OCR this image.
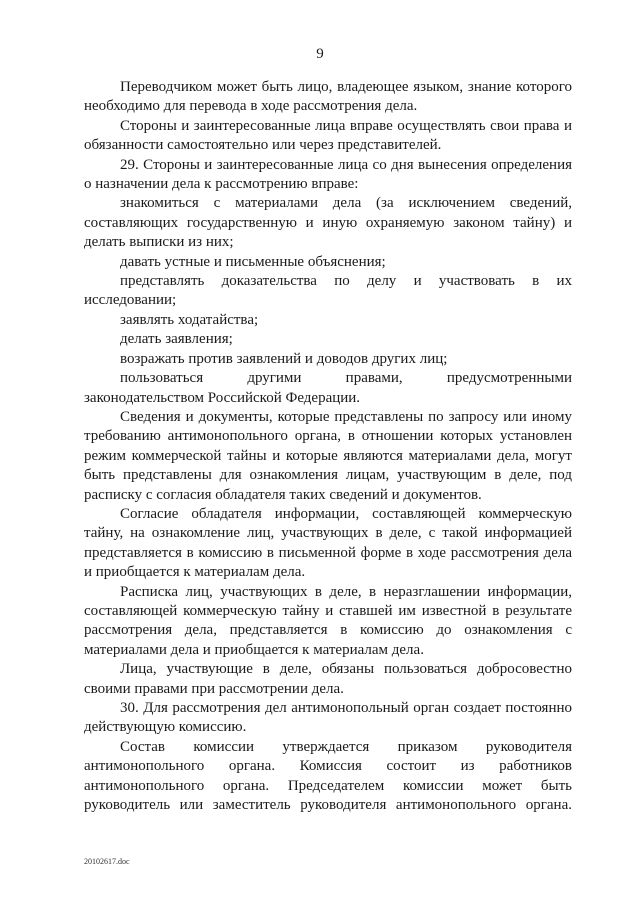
9

Переводчиком может быть лицо, владеющее языком, знание которого необходимо для перевода в ходе рассмотрения дела.

Стороны и заинтересованные лица вправе осуществлять свои права и обязанности самостоятельно или через представителей.

29. Стороны и заинтересованные лица со дня вынесения определения о назначении дела к рассмотрению вправе:

знакомиться с материалами дела (за исключением сведений, составляющих государственную и иную охраняемую законом тайну) и делать выписки из них;

давать устные и письменные объяснения;

представлять доказательства по делу и участвовать в их исследовании;

заявлять ходатайства;

делать заявления;

возражать против заявлений и доводов других лиц;

пользоваться другими правами, предусмотренными законодательством Российской Федерации.

Сведения и документы, которые представлены по запросу или иному требованию антимонопольного органа, в отношении которых установлен режим коммерческой тайны и которые являются материалами дела, могут быть представлены для ознакомления лицам, участвующим в деле, под расписку с согласия обладателя таких сведений и документов.

Согласие обладателя информации, составляющей коммерческую тайну, на ознакомление лиц, участвующих в деле, с такой информацией представляется в комиссию в письменной форме в ходе рассмотрения дела и приобщается к материалам дела.

Расписка лиц, участвующих в деле, в неразглашении информации, составляющей коммерческую тайну и ставшей им известной в результате рассмотрения дела, представляется в комиссию до ознакомления с материалами дела и приобщается к материалам дела.

Лица, участвующие в деле, обязаны пользоваться добросовестно своими правами при рассмотрении дела.

30. Для рассмотрения дел антимонопольный орган создает постоянно действующую комиссию.

Состав комиссии утверждается приказом руководителя антимонопольного органа. Комиссия состоит из работников антимонопольного органа. Председателем комиссии может быть руководитель или заместитель руководителя антимонопольного органа.

20102617.doc
